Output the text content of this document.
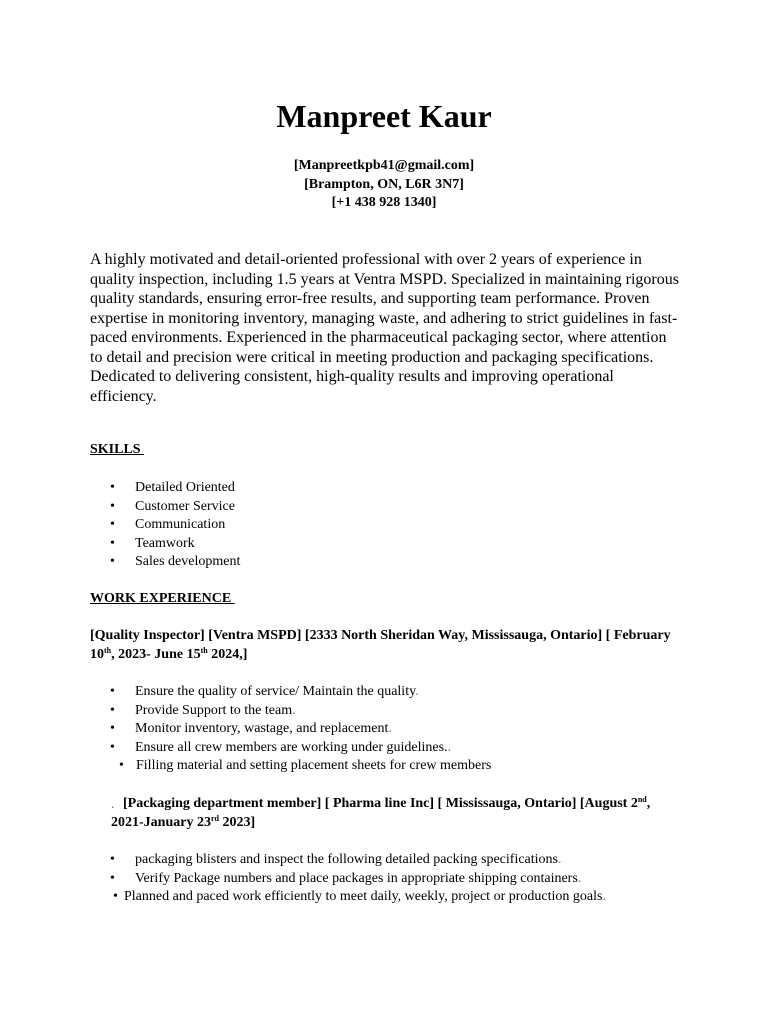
Manpreet Kaur
[Manpreetkpb41@gmail.com]
[Brampton, ON, L6R 3N7]
[+1 438 928 1340]

A highly motivated and detail-oriented professional with over 2 years of experience in quality inspection, including 1.5 years at Ventra MSPD. Specialized in maintaining rigorous quality standards, ensuring error-free results, and supporting team performance. Proven expertise in monitoring inventory, managing waste, and adhering to strict guidelines in fast-paced environments. Experienced in the pharmaceutical packaging sector, where attention to detail and precision were critical in meeting production and packaging specifications. Dedicated to delivering consistent, high-quality results and improving operational efficiency.

SKILLS
• Detailed Oriented
• Customer Service
• Communication
• Teamwork
• Sales development
WORK EXPERIENCE
[Quality Inspector] [Ventra MSPD] [2333 North Sheridan Way, Mississauga, Ontario] [ February
10th, 2023- June 15th 2024,]
• Ensure the quality of service/ Maintain the quality.
• Provide Support to the team.
• Monitor inventory, wastage, and replacement.
• Ensure all crew members are working under guidelines..
• Filling material and setting placement sheets for crew members
. [Packaging department member] [ Pharma line Inc] [ Mississauga, Ontario] [August 2nd,
2021-January 23rd 2023]
• packaging blisters and inspect the following detailed packing specifications.
• Verify Package numbers and place packages in appropriate shipping containers.
• Planned and paced work efficiently to meet daily, weekly, project or production goals.
